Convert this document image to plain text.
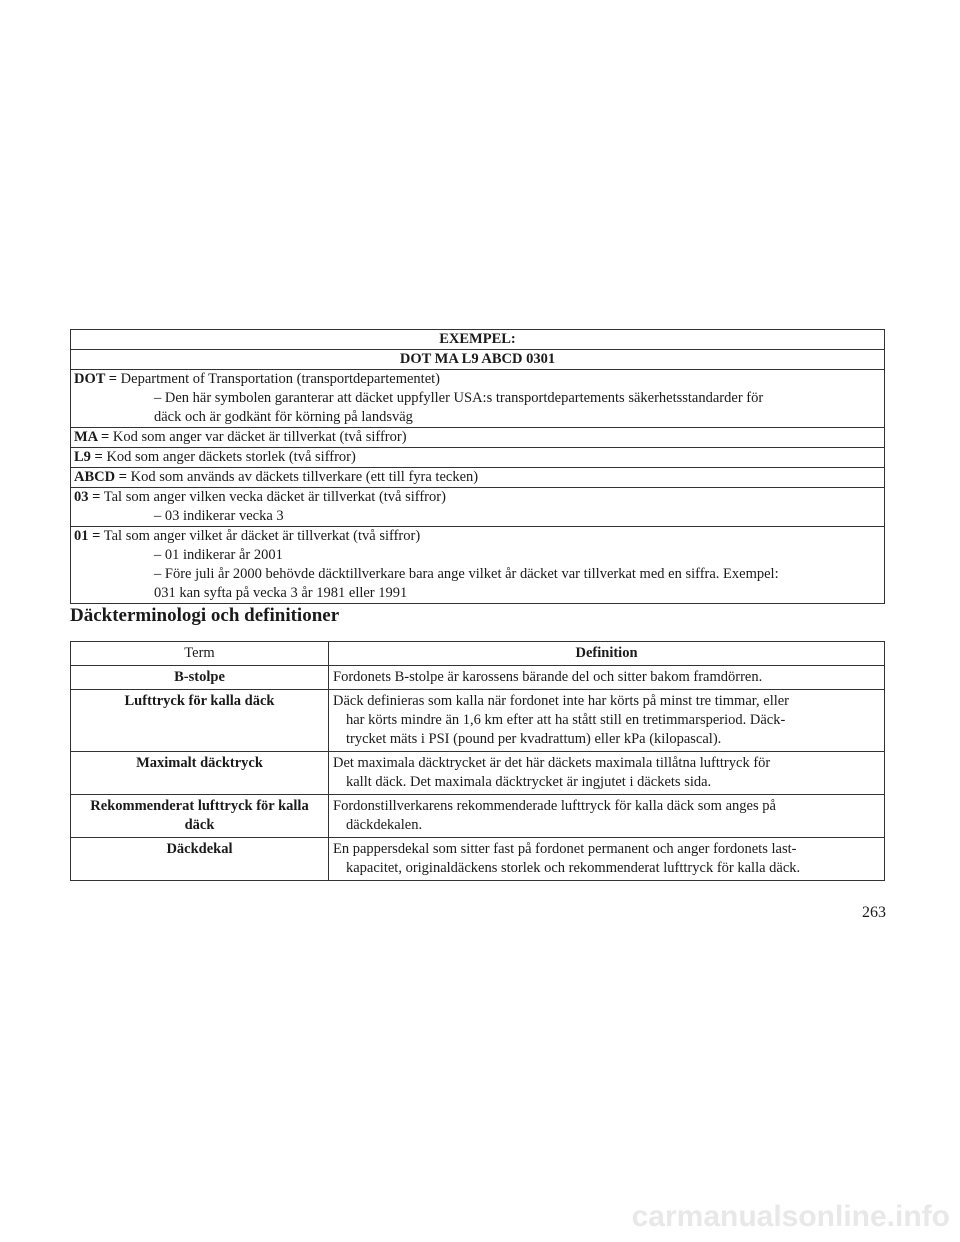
EXEMPEL:
DOT MA L9 ABCD 0301

DOT = Department of Transportation (transportdepartementet)
– Den här symbolen garanterar att däcket uppfyller USA:s transportdepartements säkerhetsstandarder för
däck och är godkänt för körning på landsväg

MA = Kod som anger var däcket är tillverkat (två siffror)

L9 = Kod som anger däckets storlek (två siffror)

ABCD = Kod som används av däckets tillverkare (ett till fyra tecken)

03 = Tal som anger vilken vecka däcket är tillverkat (två siffror)
– 03 indikerar vecka 3

01 = Tal som anger vilket år däcket är tillverkat (två siffror)
– 01 indikerar år 2001
– Före juli år 2000 behövde däcktillverkare bara ange vilket år däcket var tillverkat med en siffra. Exempel:
031 kan syfta på vecka 3 år 1981 eller 1991
Däckterminologi och definitioner
Term	Definition
B-stolpe	Fordonets B-stolpe är karossens bärande del och sitter bakom framdörren.

Lufttryck för kalla däck	Däck definieras som kalla när fordonet inte har körts på minst tre timmar, eller
har körts mindre än 1,6 km efter att ha stått still en tretimmarsperiod. Däck-
trycket mäts i PSI (pound per kvadrattum) eller kPa (kilopascal).

Maximalt däcktryck	Det maximala däcktrycket är det här däckets maximala tillåtna lufttryck för
kallt däck. Det maximala däcktrycket är ingjutet i däckets sida.

Rekommenderat lufttryck för kalla däck	Fordonstillverkarens rekommenderade lufttryck för kalla däck som anges på
däckdekalen.

Däckdekal	En pappersdekal som sitter fast på fordonet permanent och anger fordonets last-
kapacitet, originaldäckens storlek och rekommenderat lufttryck för kalla däck.
263
carmanualsonline.info
